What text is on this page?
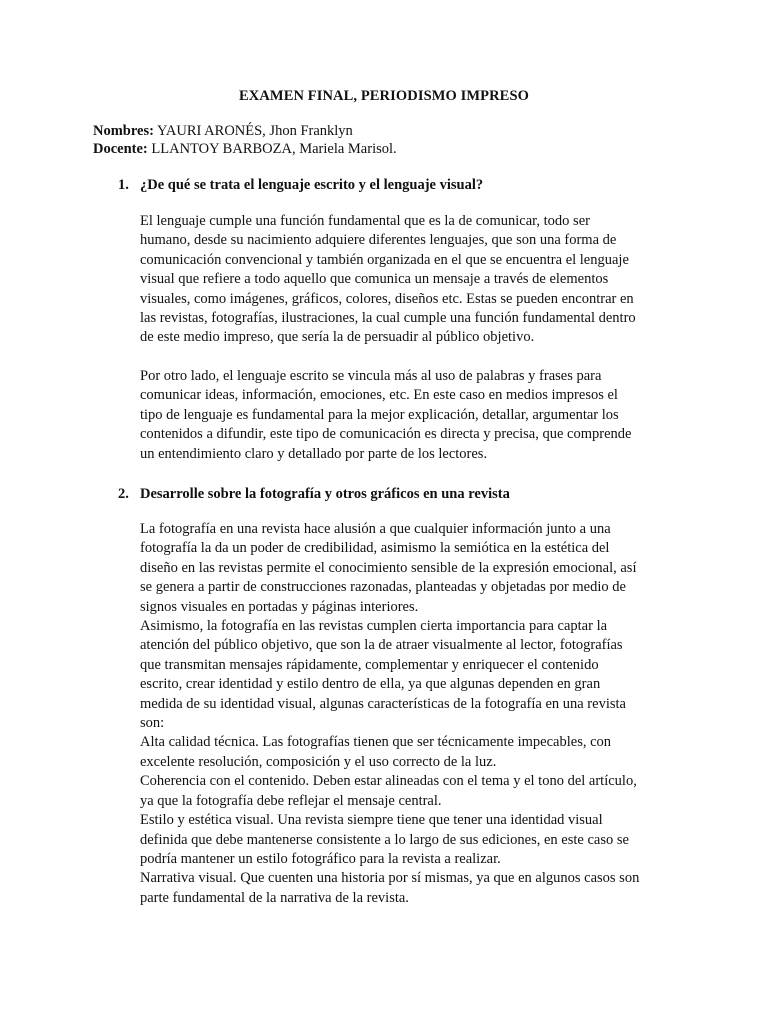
EXAMEN FINAL, PERIODISMO IMPRESO
Nombres: YAURI ARONÉS, Jhon Franklyn
Docente: LLANTOY BARBOZA, Mariela Marisol.
1. ¿De qué se trata el lenguaje escrito y el lenguaje visual?
El lenguaje cumple una función fundamental que es la de comunicar, todo ser
humano, desde su nacimiento adquiere diferentes lenguajes, que son una forma de
comunicación convencional y también organizada en el que se encuentra el lenguaje
visual que refiere a todo aquello que comunica un mensaje a través de elementos
visuales, como imágenes, gráficos, colores, diseños etc. Estas se pueden encontrar en
las revistas, fotografías, ilustraciones, la cual cumple una función fundamental dentro
de este medio impreso, que sería la de persuadir al público objetivo.
Por otro lado, el lenguaje escrito se vincula más al uso de palabras y frases para
comunicar ideas, información, emociones, etc. En este caso en medios impresos el
tipo de lenguaje es fundamental para la mejor explicación, detallar, argumentar los
contenidos a difundir, este tipo de comunicación es directa y precisa, que comprende
un entendimiento claro y detallado por parte de los lectores.
2. Desarrolle sobre la fotografía y otros gráficos en una revista
La fotografía en una revista hace alusión a que cualquier información junto a una
fotografía la da un poder de credibilidad, asimismo la semiótica en la estética del
diseño en las revistas permite el conocimiento sensible de la expresión emocional, así
se genera a partir de construcciones razonadas, planteadas y objetadas por medio de
signos visuales en portadas y páginas interiores.
Asimismo, la fotografía en las revistas cumplen cierta importancia para captar la
atención del público objetivo, que son la de atraer visualmente al lector, fotografías
que transmitan mensajes rápidamente, complementar y enriquecer el contenido
escrito, crear identidad y estilo dentro de ella, ya que algunas dependen en gran
medida de su identidad visual, algunas características de la fotografía en una revista
son:
Alta calidad técnica. Las fotografías tienen que ser técnicamente impecables, con
excelente resolución, composición y el uso correcto de la luz.
Coherencia con el contenido. Deben estar alineadas con el tema y el tono del artículo,
ya que la fotografía debe reflejar el mensaje central.
Estilo y estética visual. Una revista siempre tiene que tener una identidad visual
definida que debe mantenerse consistente a lo largo de sus ediciones, en este caso se
podría mantener un estilo fotográfico para la revista a realizar.
Narrativa visual. Que cuenten una historia por sí mismas, ya que en algunos casos son
parte fundamental de la narrativa de la revista.
